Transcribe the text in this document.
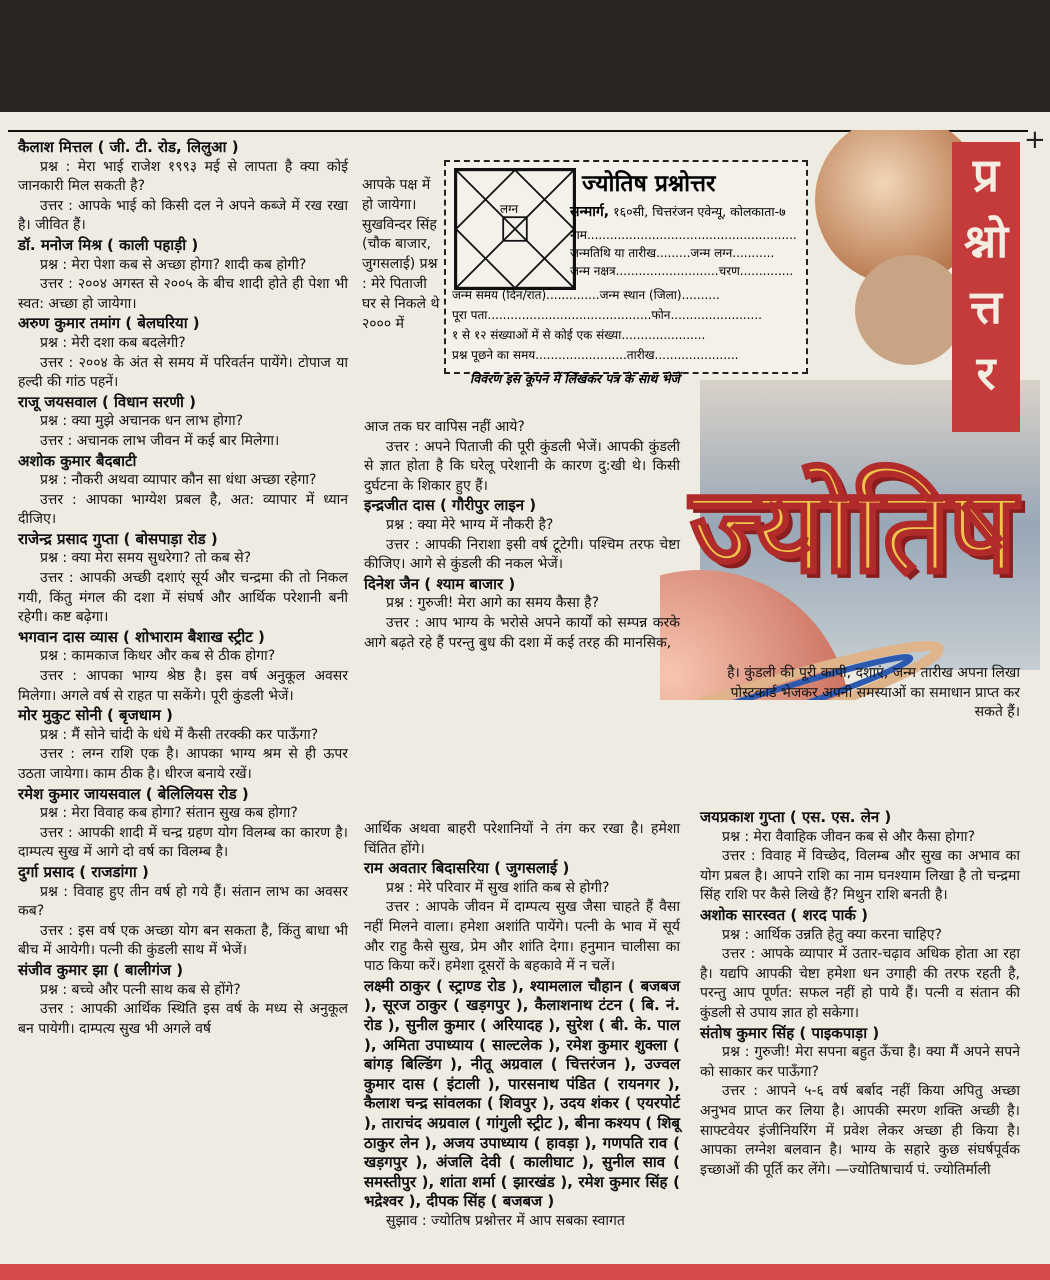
+
प्र
श्नो
त्त
र
ज्योतिष
लग्न
ज्योतिष प्रश्नोत्तर
सन्मार्ग, १६०सी, चित्तरंजन एवेन्यू, कोलकाता-७
नाम.......................................................
जन्मतिथि या तारीख.........जन्म लग्न...........
जन्म नक्षत्र...........................चरण..............
जन्म समय (दिन/रात)..............जन्म स्थान (जिला)..........
पूरा पता...........................................फोन........................
१ से १२ संख्याओं में से कोई एक संख्या......................
प्रश्न पूछने का समय........................तारीख......................
विवरण इस कूपन में लिखकर पत्र के साथ भेजें

कैलाश मित्तल ( जी. टी. रोड, लिलुआ )

प्रश्न : मेरा भाई राजेश १९९३ मई से लापता है क्या कोई जानकारी मिल सकती है?

उत्तर : आपके भाई को किसी दल ने अपने कब्जे में रख रखा है। जीवित हैं।

डॉ. मनोज मिश्र ( काली पहाड़ी )

प्रश्न : मेरा पेशा कब से अच्छा होगा? शादी कब होगी?

उत्तर : २००४ अगस्त से २००५ के बीच शादी होते ही पेशा भी स्वत: अच्छा हो जायेगा।

अरुण कुमार तमांग ( बेलघरिया )

प्रश्न : मेरी दशा कब बदलेगी?

उत्तर : २००४ के अंत से समय में परिवर्तन पायेंगे। टोपाज या हल्दी की गांठ पहनें।

राजू जयसवाल ( विधान सरणी )

प्रश्न : क्या मुझे अचानक धन लाभ होगा?

उत्तर : अचानक लाभ जीवन में कई बार मिलेगा।

अशोक कुमार बैदबाटी

प्रश्न : नौकरी अथवा व्यापार कौन सा धंधा अच्छा रहेगा?

उत्तर : आपका भाग्येश प्रबल है, अत: व्यापार में ध्यान दीजिए।

राजेन्द्र प्रसाद गुप्ता ( बोसपाड़ा रोड )

प्रश्न : क्या मेरा समय सुधरेगा? तो कब से?

उत्तर : आपकी अच्छी दशाएं सूर्य और चन्द्रमा की तो निकल गयी, किंतु मंगल की दशा में संघर्ष और आर्थिक परेशानी बनी रहेगी। कष्ट बढ़ेगा।

भगवान दास व्यास ( शोभाराम बैशाख स्ट्रीट )

प्रश्न : कामकाज किधर और कब से ठीक होगा?

उत्तर : आपका भाग्य श्रेष्ठ है। इस वर्ष अनुकूल अवसर मिलेगा। अगले वर्ष से राहत पा सकेंगे। पूरी कुंडली भेजें।

मोर मुकुट सोनी ( बृजधाम )

प्रश्न : मैं सोने चांदी के धंधे में कैसी तरक्की कर पाऊँगा?

उत्तर : लग्न राशि एक है। आपका भाग्य श्रम से ही ऊपर उठता जायेगा। काम ठीक है। धीरज बनाये रखें।

रमेश कुमार जायसवाल ( बेलिलियस रोड )

प्रश्न : मेरा विवाह कब होगा? संतान सुख कब होगा?

उत्तर : आपकी शादी में चन्द्र ग्रहण योग विलम्ब का कारण है। दाम्पत्य सुख में आगे दो वर्ष का विलम्ब है।

दुर्गा प्रसाद ( राजडांगा )

प्रश्न : विवाह हुए तीन वर्ष हो गये हैं। संतान लाभ का अवसर कब?

उत्तर : इस वर्ष एक अच्छा योग बन सकता है, किंतु बाधा भी बीच में आयेगी। पत्नी की कुंडली साथ में भेजें।

संजीव कुमार झा ( बालीगंज )

प्रश्न : बच्चे और पत्नी साथ कब से होंगे?

उत्तर : आपकी आर्थिक स्थिति इस वर्ष के मध्य से अनुकूल बन पायेगी। दाम्पत्य सुख भी अगले वर्ष

आपके पक्ष में हो जायेगा। सुखविन्दर सिंह (चौक बाजार, जुगसलाई) प्रश्न : मेरे पिताजी घर से निकले थे २००० में

आज तक घर वापिस नहीं आये?

उत्तर : अपने पिताजी की पूरी कुंडली भेजें। आपकी कुंडली से ज्ञात होता है कि घरेलू परेशानी के कारण दु:खी थे। किसी दुर्घटना के शिकार हुए हैं।

इन्द्रजीत दास ( गौरीपुर लाइन )

प्रश्न : क्या मेरे भाग्य में नौकरी है?

उत्तर : आपकी निराशा इसी वर्ष टूटेगी। पश्चिम तरफ चेष्टा कीजिए। आगे से कुंडली की नकल भेजें।

दिनेश जैन ( श्याम बाजार )

प्रश्न : गुरुजी! मेरा आगे का समय कैसा है?

उत्तर : आप भाग्य के भरोसे अपने कार्यों को सम्पन्न करके आगे बढ़ते रहे हैं परन्तु बुध की दशा में कई तरह की मानसिक,

आर्थिक अथवा बाहरी परेशानियों ने तंग कर रखा है। हमेशा चिंतित होंगे।

राम अवतार बिदासरिया ( जुगसलाई )

प्रश्न : मेरे परिवार में सुख शांति कब से होगी?

उत्तर : आपके जीवन में दाम्पत्य सुख जैसा चाहते हैं वैसा नहीं मिलने वाला। हमेशा अशांति पायेंगे। पत्नी के भाव में सूर्य और राहु कैसे सुख, प्रेम और शांति देगा। हनुमान चालीसा का पाठ किया करें। हमेशा दूसरों के बहकावे में न चलें।

लक्ष्मी ठाकुर ( स्ट्राण्ड रोड ), श्यामलाल चौहान ( बजबज ), सूरज ठाकुर ( खड़गपुर ), कैलाशनाथ टंटन ( बि. नं. रोड ), सुनील कुमार ( अरियादह ), सुरेश ( बी. के. पाल ), अमिता उपाध्याय ( साल्टलेक ), रमेश कुमार शुक्ला ( बांगड़ बिल्डिंग ), नीतू अग्रवाल ( चित्तरंजन ), उज्वल कुमार दास ( इंटाली ), पारसनाथ पंडित ( रायनगर ), कैलाश चन्द्र सांवलका ( शिवपुर ), उदय शंकर ( एयरपोर्ट ), ताराचंद अग्रवाल ( गांगुली स्ट्रीट ), बीना कश्यप ( शिबू ठाकुर लेन ), अजय उपाध्याय ( हावड़ा ), गणपति राव ( खड़गपुर ), अंजलि देवी ( कालीघाट ), सुनील साव ( समस्तीपुर ), शांता शर्मा ( झारखंड ), रमेश कुमार सिंह ( भद्रेश्वर ), दीपक सिंह ( बजबज )

सुझाव : ज्योतिष प्रश्नोत्तर में आप सबका स्वागत

है। कुंडली की पूरी कापी, दशाएं, जन्म तारीख अपना लिखा पोस्टकार्ड भेजकर अपनी समस्याओं का समाधान प्राप्त कर सकते हैं।

जयप्रकाश गुप्ता ( एस. एस. लेन )

प्रश्न : मेरा वैवाहिक जीवन कब से और कैसा होगा?

उत्तर : विवाह में विच्छेद, विलम्ब और सुख का अभाव का योग प्रबल है। आपने राशि का नाम घनश्याम लिखा है तो चन्द्रमा सिंह राशि पर कैसे लिखे हैं? मिथुन राशि बनती है।

अशोक सारस्वत ( शरद पार्क )

प्रश्न : आर्थिक उन्नति हेतु क्या करना चाहिए?

उत्तर : आपके व्यापार में उतार-चढ़ाव अधिक होता आ रहा है। यद्यपि आपकी चेष्टा हमेशा धन उगाही की तरफ रहती है, परन्तु आप पूर्णत: सफल नहीं हो पाये हैं। पत्नी व संतान की कुंडली से उपाय ज्ञात हो सकेगा।

संतोष कुमार सिंह ( पाइकपाड़ा )

प्रश्न : गुरुजी! मेरा सपना बहुत ऊँचा है। क्या मैं अपने सपने को साकार कर पाऊँगा?

उत्तर : आपने ५-६ वर्ष बर्बाद नहीं किया अपितु अच्छा अनुभव प्राप्त कर लिया है। आपकी स्मरण शक्ति अच्छी है। साफ्टवेयर इंजीनियरिंग में प्रवेश लेकर अच्छा ही किया है। आपका लग्नेश बलवान है। भाग्य के सहारे कुछ संघर्षपूर्वक इच्छाओं की पूर्ति कर लेंगे। —ज्योतिषाचार्य पं. ज्योतिर्माली
